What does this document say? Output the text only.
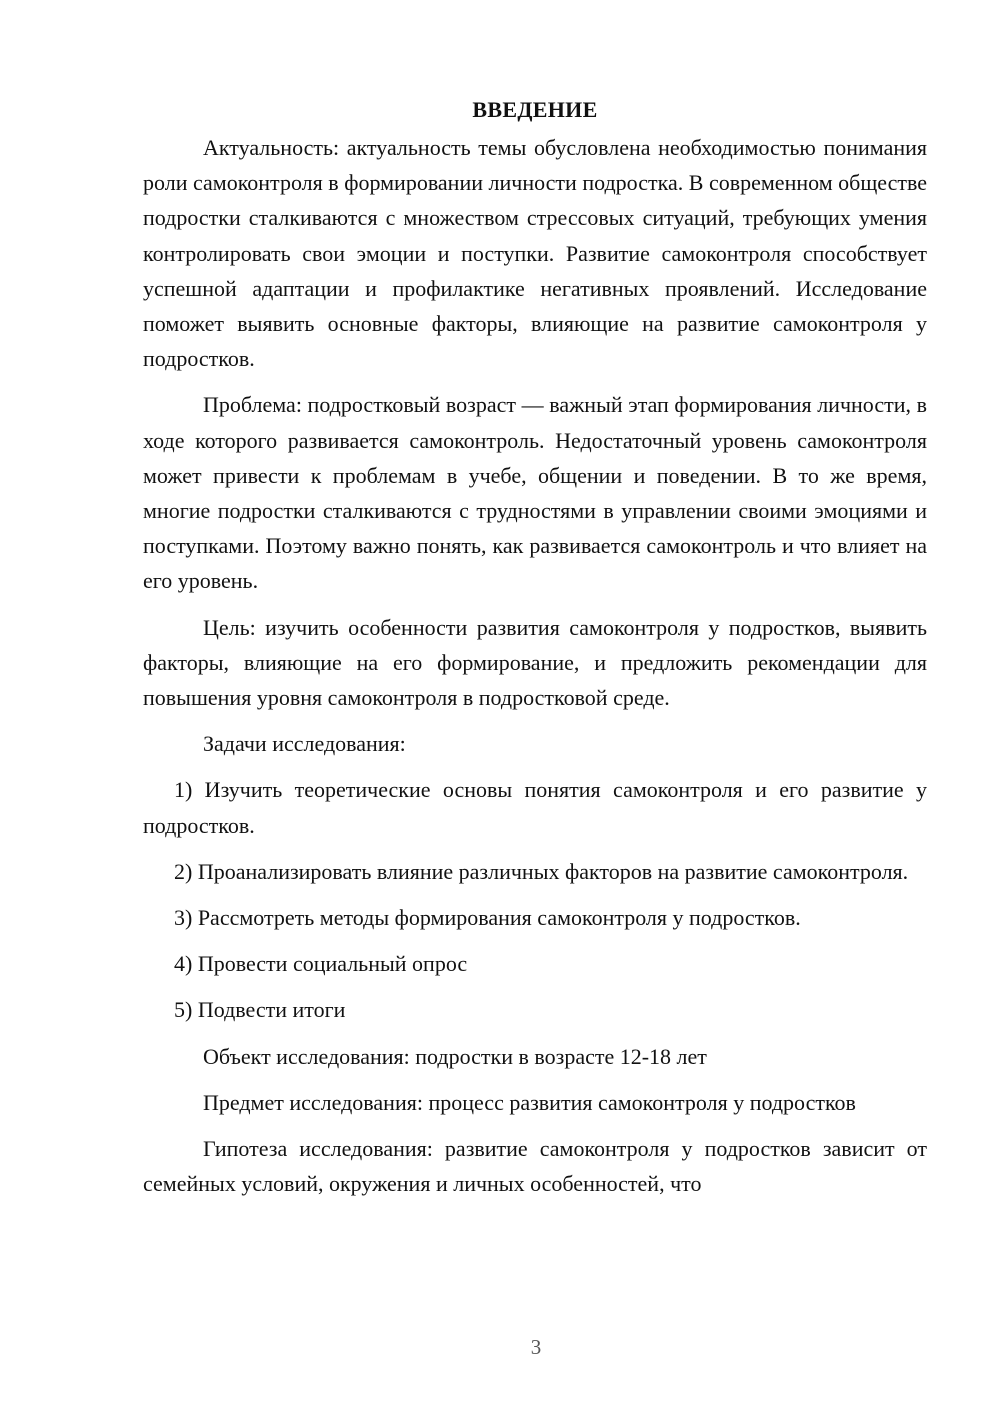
ВВЕДЕНИЕ

Актуальность: актуальность темы обусловлена необходимостью понимания роли самоконтроля в формировании личности подростка. В современном обществе подростки сталкиваются с множеством стрессовых ситуаций, требующих умения контролировать свои эмоции и поступки. Развитие самоконтроля способствует успешной адаптации и профилактике негативных проявлений. Исследование поможет выявить основные факторы, влияющие на развитие самоконтроля у подростков.

Проблема: подростковый возраст — важный этап формирования личности, в ходе которого развивается самоконтроль. Недостаточный уровень самоконтроля может привести к проблемам в учебе, общении и поведении. В то же время, многие подростки сталкиваются с трудностями в управлении своими эмоциями и поступками. Поэтому важно понять, как развивается самоконтроль и что влияет на его уровень.

Цель: изучить особенности развития самоконтроля у подростков, выявить факторы, влияющие на его формирование, и предложить рекомендации для повышения уровня самоконтроля в подростковой среде.

Задачи исследования:

1) Изучить теоретические основы понятия самоконтроля и его развитие у подростков.

2) Проанализировать влияние различных факторов на развитие самоконтроля.

3) Рассмотреть методы формирования самоконтроля у подростков.

4) Провести социальный опрос

5) Подвести итоги

Объект исследования: подростки в возрасте 12-18 лет

Предмет исследования: процесс развития самоконтроля у подростков

Гипотеза исследования: развитие самоконтроля у подростков зависит от семейных условий, окружения и личных особенностей, что

3
